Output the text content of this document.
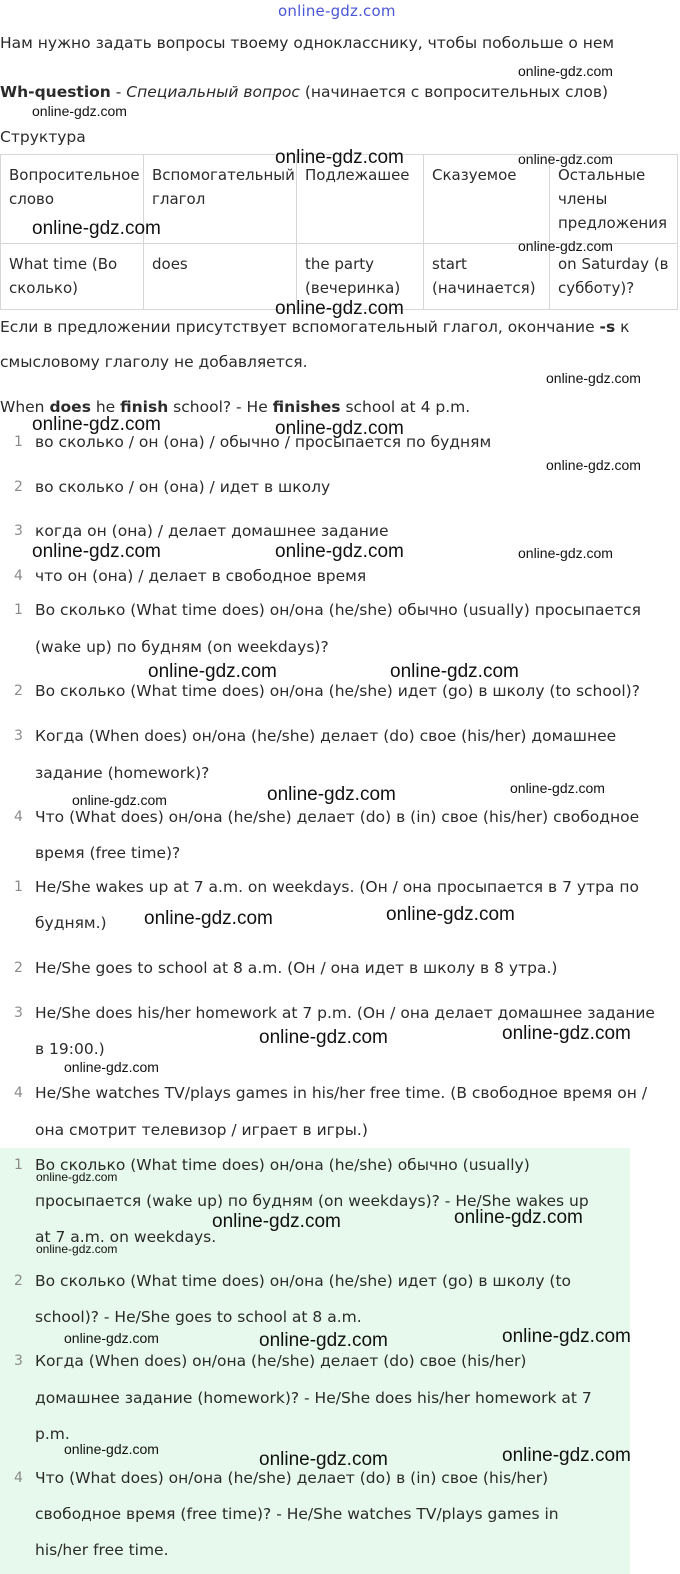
online-gdz.com
Нам нужно задать вопросы твоему однокласснику, чтобы побольше о нем
Wh-question - Специальный вопрос (начинается с вопросительных слов)
Структура
Вопросительное слово	Вспомогательный глагол	Подлежашее	Сказуемое	Остальные члены предложения
What time (Во сколько)	does	the party (вечеринка)	start (начинается)	on Saturday (в субботу)?
Если в предложении присутствует вспомогательный глагол, окончание -s к
смысловому глаголу не добавляется.
When does he finish school? - He finishes school at 4 p.m.
1 во сколько / он (она) / обычно / просыпается по будням
2 во сколько / он (она) / идет в школу
3 когда он (она) / делает домашнее задание
4 что он (она) / делает в свободное время
1 Во сколько (What time does) он/она (he/she) обычно (usually) просыпается
(wake up) по будням (on weekdays)?
2 Во сколько (What time does) он/она (he/she) идет (go) в школу (to school)?
3 Когда (When does) он/она (he/she) делает (do) свое (his/her) домашнее
задание (homework)?
4 Что (What does) он/она (he/she) делает (do) в (in) свое (his/her) свободное
время (free time)?
1 He/She wakes up at 7 a.m. on weekdays. (Он / она просыпается в 7 утра по
будням.)
2 He/She goes to school at 8 a.m. (Он / она идет в школу в 8 утра.)
3 He/She does his/her homework at 7 p.m. (Он / она делает домашнее задание
в 19:00.)
4 He/She watches TV/plays games in his/her free time. (В свободное время он /
она смотрит телевизор / играет в игры.)
1 Во сколько (What time does) он/она (he/she) обычно (usually)
просыпается (wake up) по будням (on weekdays)? - He/She wakes up
at 7 a.m. on weekdays.
2 Во сколько (What time does) он/она (he/she) идет (go) в школу (to
school)? - He/She goes to school at 8 a.m.
3 Когда (When does) он/она (he/she) делает (do) свое (his/her)
домашнее задание (homework)? - He/She does his/her homework at 7
p.m.
4 Что (What does) он/она (he/she) делает (do) в (in) свое (his/her)
свободное время (free time)? - He/She watches TV/plays games in
his/her free time.
online-gdz.com
online-gdz.com
online-gdz.com	online-gdz.com
online-gdz.com
online-gdz.com
online-gdz.com
online-gdz.com
online-gdz.com	online-gdz.com
online-gdz.com
online-gdz.com	online-gdz.com	online-gdz.com
online-gdz.com	online-gdz.com
online-gdz.com
online-gdz.com	online-gdz.com
online-gdz.com
online-gdz.com
online-gdz.com
online-gdz.com
online-gdz.com
online-gdz.com
online-gdz.com
online-gdz.com
online-gdz.com
online-gdz.com	online-gdz.com
online-gdz.com
online-gdz.com	online-gdz.com
online-gdz.com
